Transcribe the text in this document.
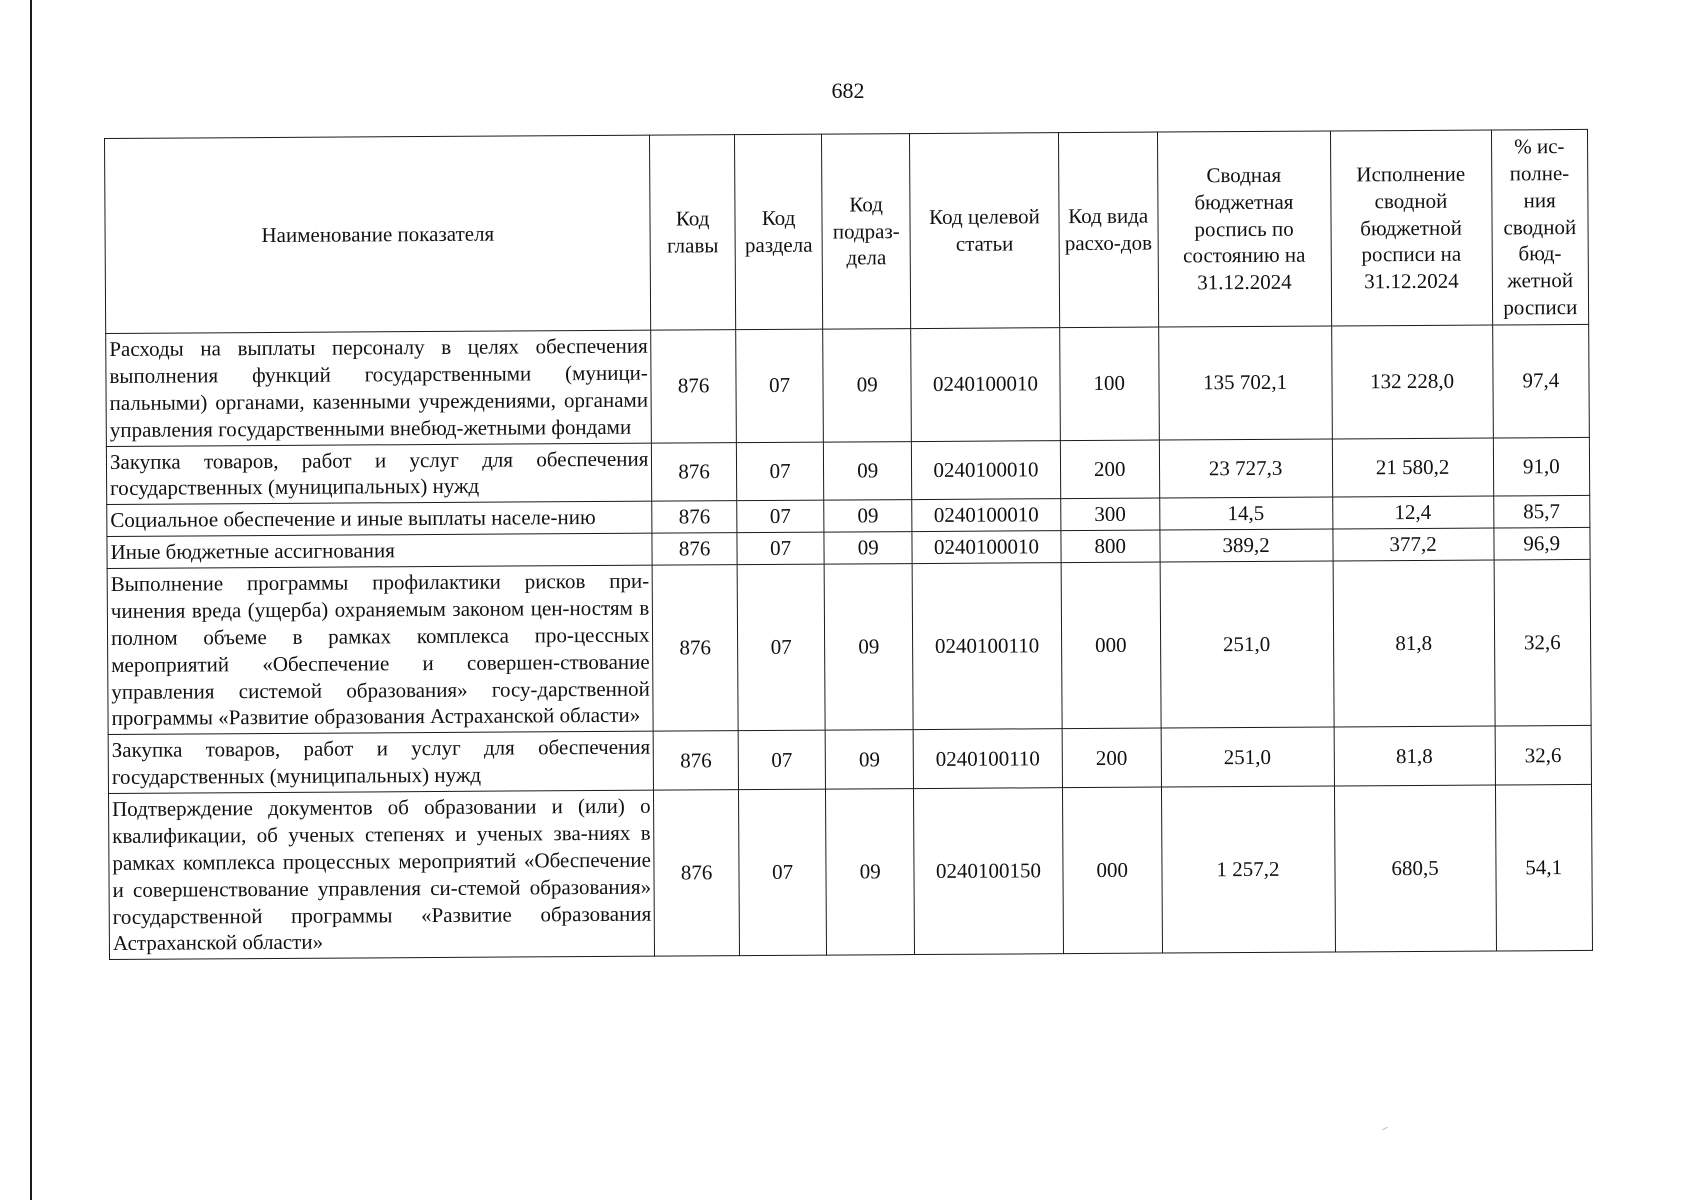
682
Наименование показателя	Код главы	Код раздела	Код подраз-дела	Код целевой статьи	Код вида расхо-дов	Сводная бюджетная роспись по состоянию на 31.12.2024	Исполнение сводной бюджетной росписи на 31.12.2024	% ис-полне-ния сводной бюд-жетной росписи
Расходы на выплаты персоналу в целях обеспечения выполнения функций государственными (муници-пальными) органами, казенными учреждениями, органами управления государственными внебюд-жетными фондами	876	07	09	0240100010	100	135 702,1	132 228,0	97,4
Закупка товаров, работ и услуг для обеспечения государственных (муниципальных) нужд	876	07	09	0240100010	200	23 727,3	21 580,2	91,0
Социальное обеспечение и иные выплаты населе-нию	876	07	09	0240100010	300	14,5	12,4	85,7
Иные бюджетные ассигнования	876	07	09	0240100010	800	389,2	377,2	96,9
Выполнение программы профилактики рисков при-чинения вреда (ущерба) охраняемым законом цен-ностям в полном объеме в рамках комплекса про-цессных мероприятий «Обеспечение и совершен-ствование управления системой образования» госу-дарственной программы «Развитие образования Астраханской области»	876	07	09	0240100110	000	251,0	81,8	32,6
Закупка товаров, работ и услуг для обеспечения государственных (муниципальных) нужд	876	07	09	0240100110	200	251,0	81,8	32,6
Подтверждение документов об образовании и (или) о квалификации, об ученых степенях и ученых зва-ниях в рамках комплекса процессных мероприятий «Обеспечение и совершенствование управления си-стемой образования» государственной программы «Развитие образования Астраханской области»	876	07	09	0240100150	000	1 257,2	680,5	54,1
